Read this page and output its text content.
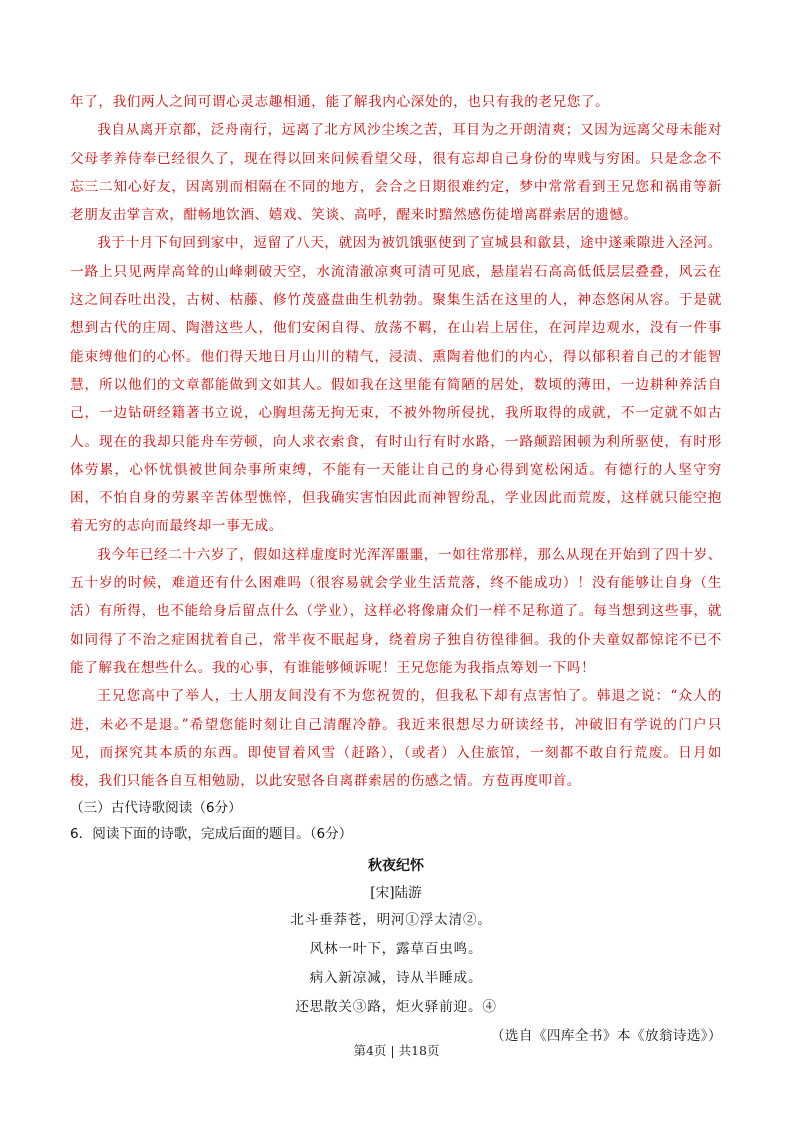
年了，我们两人之间可谓心灵志趣相通，能了解我内心深处的，也只有我的老兄您了。

我自从离开京都，泛舟南行，远离了北方风沙尘埃之苦，耳目为之开朗清爽；又因为远离父母未能对父母孝养侍奉已经很久了，现在得以回来问候看望父母，很有忘却自己身份的卑贱与穷困。只是念念不忘三二知心好友，因离别而相隔在不同的地方，会合之日期很难约定，梦中常常看到王兄您和祸甫等新老朋友击掌言欢，酣畅地饮酒、嬉戏、笑谈、高呼，醒来时黯然感伤徒增离群索居的遗憾。

我于十月下旬回到家中，逗留了八天，就因为被饥饿驱使到了宣城县和歙县，途中遂乘隙进入泾河。一路上只见两岸高耸的山峰刺破天空，水流清澈凉爽可清可见底，悬崖岩石高高低低层层叠叠，风云在这之间吞吐出没，古树、枯藤、修竹茂盛盘曲生机勃勃。聚集生活在这里的人，神态悠闲从容。于是就想到古代的庄周、陶潜这些人，他们安闲自得、放荡不羁，在山岩上居住，在河岸边观水，没有一件事能束缚他们的心怀。他们得天地日月山川的精气，浸渍、熏陶着他们的内心，得以郁积着自己的才能智慧，所以他们的文章都能做到文如其人。假如我在这里能有简陋的居处，数顷的薄田，一边耕种养活自己，一边钻研经籍著书立说，心胸坦荡无拘无束，不被外物所侵扰，我所取得的成就，不一定就不如古人。现在的我却只能舟车劳顿，向人求衣索食，有时山行有时水路，一路颠踣困顿为利所驱使，有时形体劳累，心怀忧惧被世间杂事所束缚，不能有一天能让自己的身心得到宽松闲适。有德行的人坚守穷困，不怕自身的劳累辛苦体型憔悴，但我确实害怕因此而神智纷乱，学业因此而荒废，这样就只能空抱着无穷的志向而最终却一事无成。

我今年已经二十六岁了，假如这样虚度时光浑浑噩噩，一如往常那样，那么从现在开始到了四十岁、五十岁的时候，难道还有什么困难吗（很容易就会学业生活荒落，终不能成功）！没有能够让自身（生活）有所得，也不能给身后留点什么（学业），这样必将像庸众们一样不足称道了。每当想到这些事，就如同得了不治之症困扰着自己，常半夜不眠起身，绕着房子独自彷徨徘徊。我的仆夫童奴都惊诧不已不能了解我在想些什么。我的心事，有谁能够倾诉呢！王兄您能为我指点筹划一下吗！

王兄您高中了举人，士人朋友间没有不为您祝贺的，但我私下却有点害怕了。韩退之说：“众人的进，未必不是退。”希望您能时刻让自己清醒冷静。我近来很想尽力研读经书，冲破旧有学说的门户只见，而探究其本质的东西。即使冒着风雪（赶路），（或者）入住旅馆，一刻都不敢自行荒废。日月如梭，我们只能各自互相勉励，以此安慰各自离群索居的伤感之情。方苞再度叩首。

（三）古代诗歌阅读（6分）

6．阅读下面的诗歌，完成后面的题目。（6分）

秋夜纪怀
[宋]陆游
北斗垂莽苍，明河①浮太清②。
风林一叶下，露草百虫鸣。
病入新凉减，诗从半睡成。
还思散关③路，炬火驿前迎。④

（选自《四库全书》本《放翁诗选》）

第4页 | 共18页
